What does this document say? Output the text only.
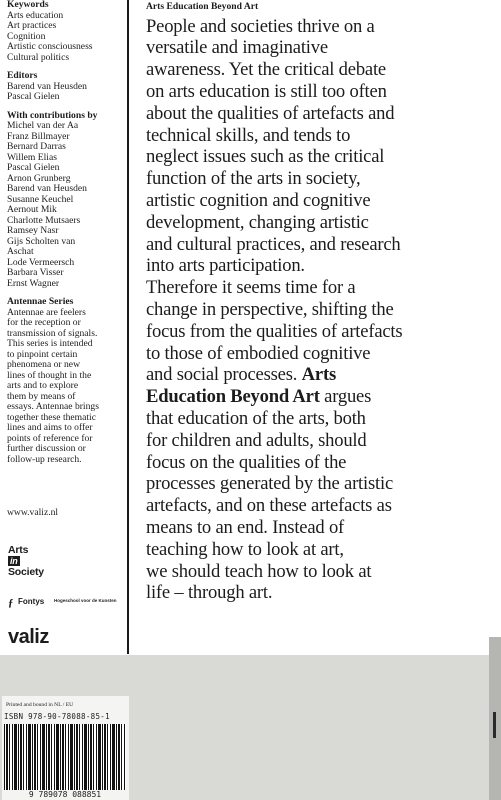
Keywords
Arts education
Art practices
Cognition
Artistic consciousness
Cultural politics
Editors
Barend van Heusden
Pascal Gielen
With contributions by
Michel van der Aa
Franz Billmayer
Bernard Darras
Willem Elias
Pascal Gielen
Arnon Grunberg
Barend van Heusden
Susanne Keuchel
Aernout Mik
Charlotte Mutsaers
Ramsey Nasr
Gijs Scholten van
Aschat
Lode Vermeersch
Barbara Visser
Ernst Wagner
Antennae Series
Antennae are feelers
for the reception or
transmission of signals.
This series is intended
to pinpoint certain
phenomena or new
lines of thought in the
arts and to explore
them by means of
essays. Antennae brings
together these thematic
lines and aims to offer
points of reference for
further discussion or
follow-up research.
www.valiz.nl
Arts
in
Society
ƒ Fontys Hogeschool voor de Kunsten
valiz
Arts Education Beyond Art
People and societies thrive on a
versatile and imaginative
awareness. Yet the critical debate
on arts education is still too often
about the qualities of artefacts and
technical skills, and tends to
neglect issues such as the critical
function of the arts in society,
artistic cognition and cognitive
development, changing artistic
and cultural practices, and research
into arts participation.
Therefore it seems time for a
change in perspective, shifting the
focus from the qualities of artefacts
to those of embodied cognitive
and social processes. Arts
Education Beyond Art argues
that education of the arts, both
for children and adults, should
focus on the qualities of the
processes generated by the artistic
artefacts, and on these artefacts as
means to an end. Instead of
teaching how to look at art,
we should teach how to look at
life – through art.
Printed and bound in NL / EU
ISBN 978-90-78088-85-1
9 789078 088851
